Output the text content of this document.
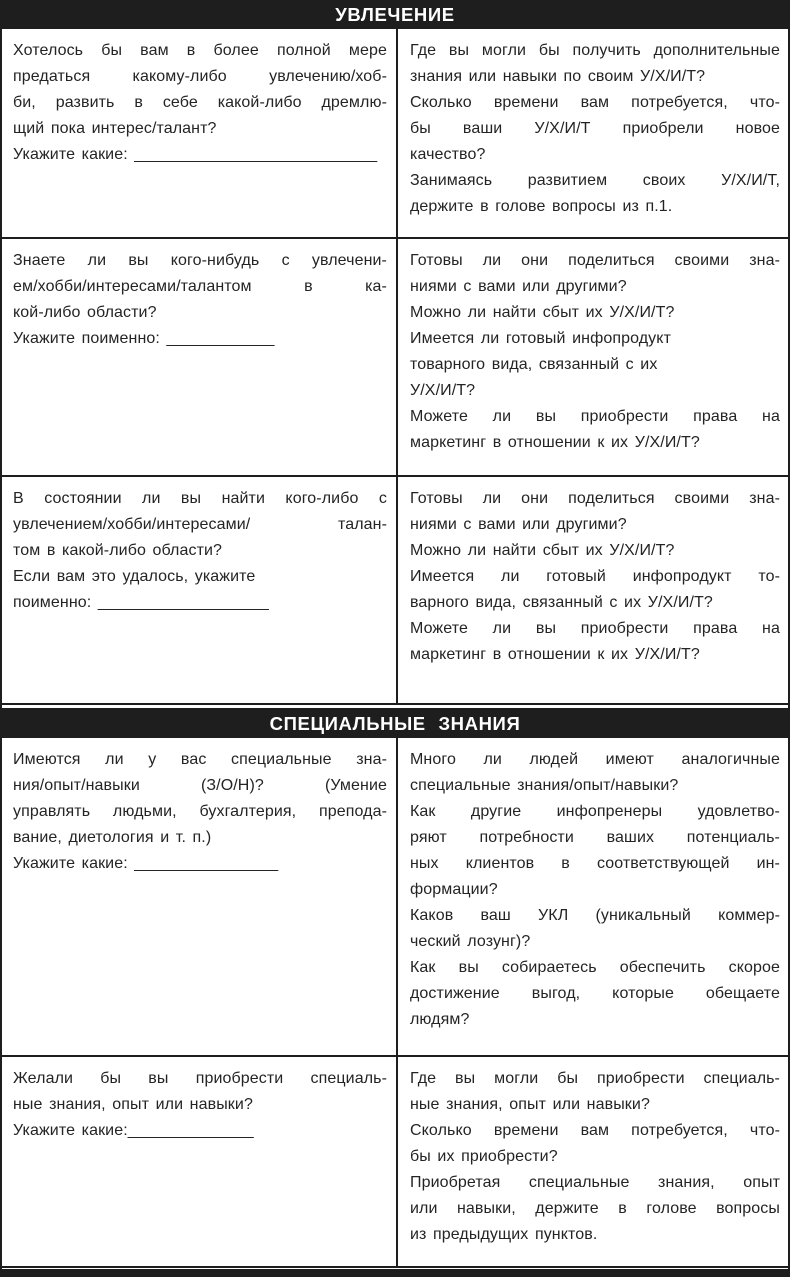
УВЛЕЧЕНИЕ
Хотелось бы вам в более полной мере
предаться какому-либо увлечению/хоб-
би, развить в себе какой-либо дремлю-
щий пока интерес/талант?
Укажите какие: ___________________________
Где вы могли бы получить дополнительные
знания или навыки по своим У/Х/И/Т?
Сколько времени вам потребуется, что-
бы ваши У/Х/И/Т приобрели новое
качество?
Занимаясь развитием своих У/Х/И/Т,
держите в голове вопросы из п.1.
Знаете ли вы кого-нибудь с увлечени-
ем/хобби/интересами/талантом в ка-
кой-либо области?
Укажите поименно: ____________
Готовы ли они поделиться своими зна-
ниями с вами или другими?
Можно ли найти сбыт их У/Х/И/Т?
Имеется ли готовый инфопродукт
товарного вида, связанный с их
У/Х/И/Т?
Можете ли вы приобрести права на
маркетинг в отношении к их У/Х/И/Т?
В состоянии ли вы найти кого-либо с
увлечением/хобби/интересами/ талан-
том в какой-либо области?
Если вам это удалось, укажите
поименно: ___________________
Готовы ли они поделиться своими зна-
ниями с вами или другими?
Можно ли найти сбыт их У/Х/И/Т?
Имеется ли готовый инфопродукт то-
варного вида, связанный с их У/Х/И/Т?
Можете ли вы приобрести права на
маркетинг в отношении к их У/Х/И/Т?
СПЕЦИАЛЬНЫЕ ЗНАНИЯ
Имеются ли у вас специальные зна-
ния/опыт/навыки (З/О/Н)? (Умение
управлять людьми, бухгалтерия, препода-
вание, диетология и т. п.)
Укажите какие: ________________
Много ли людей имеют аналогичные
специальные знания/опыт/навыки?
Как другие инфопренеры удовлетво-
ряют потребности ваших потенциаль-
ных клиентов в соответствующей ин-
формации?
Каков ваш УКЛ (уникальный коммер-
ческий лозунг)?
Как вы собираетесь обеспечить скорое
достижение выгод, которые обещаете
людям?
Желали бы вы приобрести специаль-
ные знания, опыт или навыки?
Укажите какие:______________
Где вы могли бы приобрести специаль-
ные знания, опыт или навыки?
Сколько времени вам потребуется, что-
бы их приобрести?
Приобретая специальные знания, опыт
или навыки, держите в голове вопросы
из предыдущих пунктов.
